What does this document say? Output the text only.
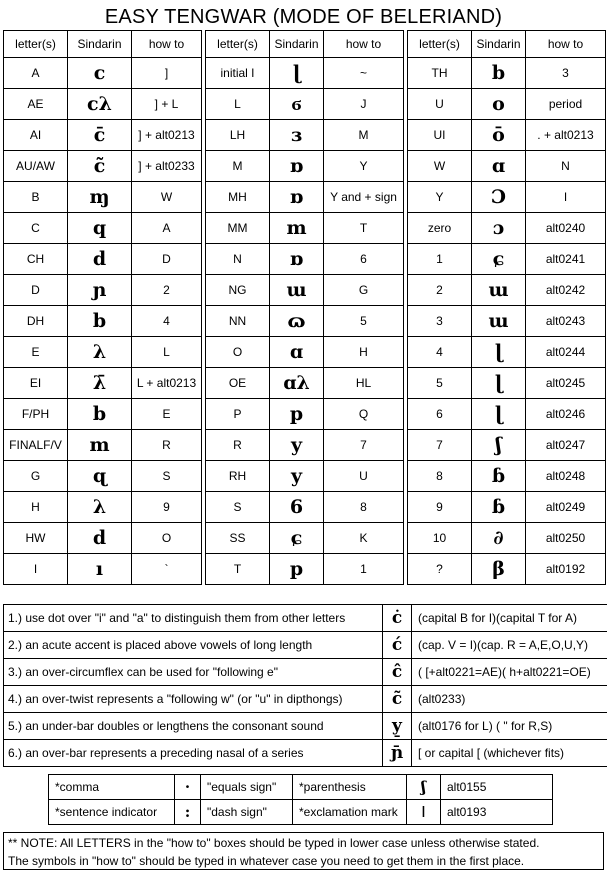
EASY TENGWAR (MODE OF BELERIAND)
letter(s)	Sindarin	how to
A	c	]
AE	cλ	] + L
AI	c̄	] + alt0213
AU/AW	c̃	] + alt0233
B	ɱ	W
C	q	A
CH	d	D
D	ɲ	2
DH	b	4
E	λ	L
EI	λ̄	L + alt0213
F/PH	b	E
FINALF/V	m	R
G	ɋ	S
H	λ	9
HW	d	O
I	ı	`
letter(s)	Sindarin	how to
initial I	ɭ	~
L	ϭ	J
LH	ɜ	M
M	ɒ	Y
MH	ɒ	Y and + sign
MM	m	T
N	ɒ	6
NG	ɯ	G
NN	ɷ	5
O	ɑ	H
OE	ɑλ	HL
P	p	Q
R	y	7
RH	y	U
S	6	8
SS	ɕ	K
T	p	1
letter(s)	Sindarin	how to
TH	b	3
U	o	period
UI	ō	. + alt0213
W	ɑ	N
Y	Ɔ	I
zero	ɔ	alt0240
1	ɕ	alt0241
2	ɯ	alt0242
3	ɯ	alt0243
4	ɭ	alt0244
5	ɭ	alt0245
6	ɭ	alt0246
7	ʃ	alt0247
8	ɓ	alt0248
9	ɓ	alt0249
10	∂	alt0250
?	β	alt0192
1.) use dot over "i" and "a" to distinguish them from other letters	ċ	(capital B for I)(capital T for A)
2.) an acute accent is placed above vowels of long length	ć	(cap. V = I)(cap. R = A,E,O,U,Y)
3.) an over-circumflex can be used for "following e"	ĉ	( [+alt0221=AE)( h+alt0221=OE)
4.) an over-twist represents a "following w" (or "u" in dipthongs)	c̃	(alt0233)
5.) an under-bar doubles or lengthens the consonant sound	y̱	(alt0176 for L) ( " for R,S)
6.) an over-bar represents a preceding nasal of a series	ɲ̄	[ or capital [ (whichever fits)
*comma	·	"equals sign"	*parenthesis	ʃ	alt0155
*sentence indicator	:	"dash sign"	*exclamation mark	ǀ	alt0193
** NOTE: All LETTERS in the "how to" boxes should be typed in lower case unless otherwise stated.
The symbols in "how to" should be typed in whatever case you need to get them in the first place.
